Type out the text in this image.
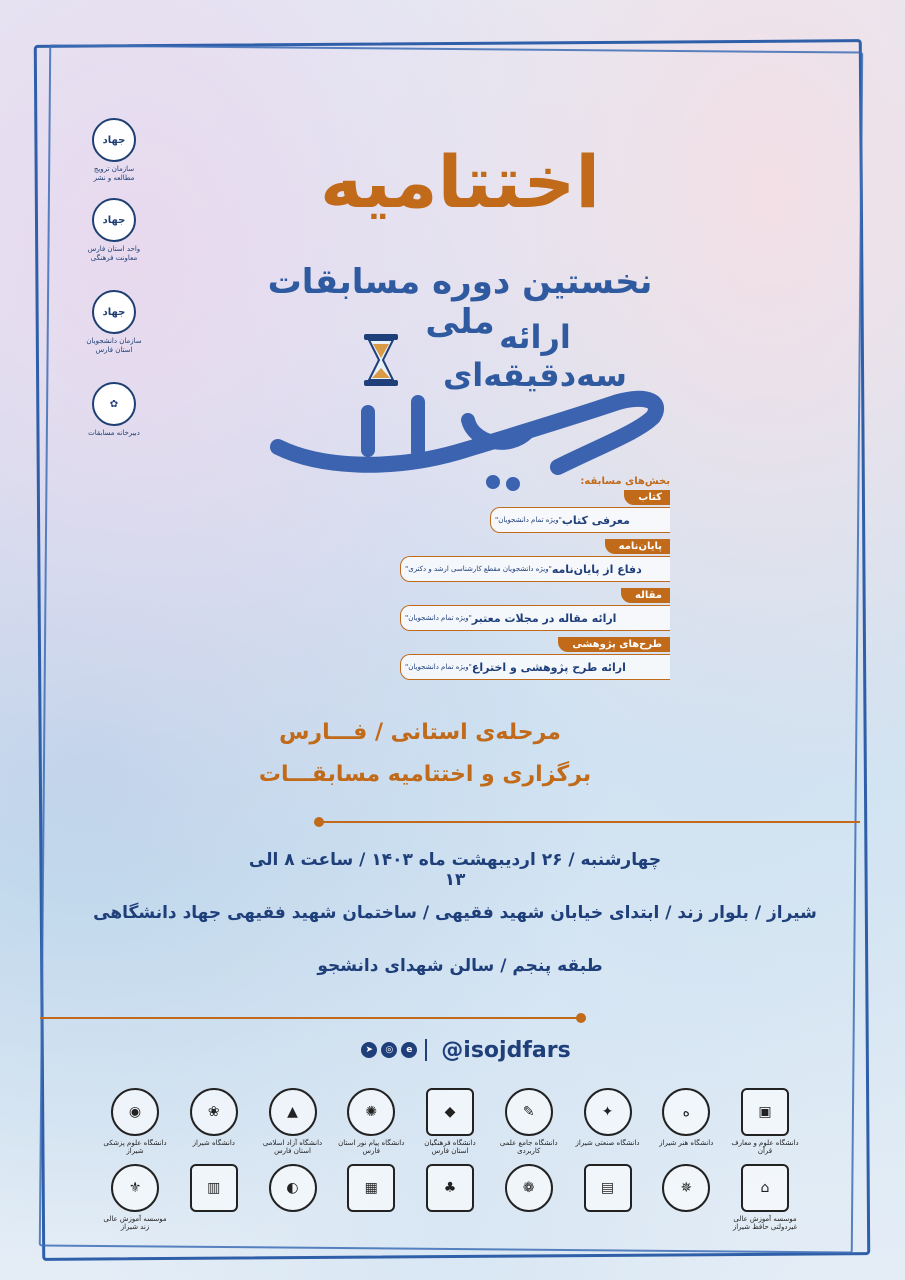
جهاد
سازمان ترویج مطالعه و نشر
جهاد
واحد استان فارس معاونت فرهنگی
جهاد
سازمان دانشجویان استان فارس
✿
دبیرخانه مسابقات
اختتامیه
نخستین دوره مسابقات ملی ارائه سه‌دقیقه‌ای
سدید
بخش‌های مسابقه:
کتاب
معرفی کتاب
"ویژه تمام دانشجویان"
پایان‌نامه
دفاع از پایان‌نامه
"ویژه دانشجویان مقطع کارشناسی ارشد و دکتری"
مقاله
ارائه مقاله در مجلات معتبر
"ویژه تمام دانشجویان"
طرح‌های پژوهشی
ارائه طرح پژوهشی و اختراع
"ویژه تمام دانشجویان"
مرحله‌ی استانی / فـــارس
برگزاری و اختتامیه مسابقـــات
چهارشنبه / ۲۶ اردیبهشت ماه ۱۴۰۳ / ساعت ۸ الی ۱۳
شیراز / بلوار زند / ابتدای خیابان شهید فقیهی / ساختمان شهید فقیهی جهاد دانشگاهی
طبقه پنجم / سالن شهدای دانشجو
➤	◎	e @isojdfars
◉
دانشگاه علوم پزشکی شیراز
❀
دانشگاه شیراز
▲
دانشگاه آزاد اسلامی استان فارس
✺
دانشگاه پیام نور استان فارس
◆
دانشگاه فرهنگیان استان فارس
✎
دانشگاه جامع علمی کاربردی
✦
دانشگاه صنعتی شیراز
ه
دانشگاه هنر شیراز
▣
دانشگاه علوم و معارف قرآن
⚜
موسسه آموزش عالی زند شیراز
▥	◐	▦	♣	❁	▤	✵	⌂
موسسه آموزش عالی غیردولتی حافظ شیراز
